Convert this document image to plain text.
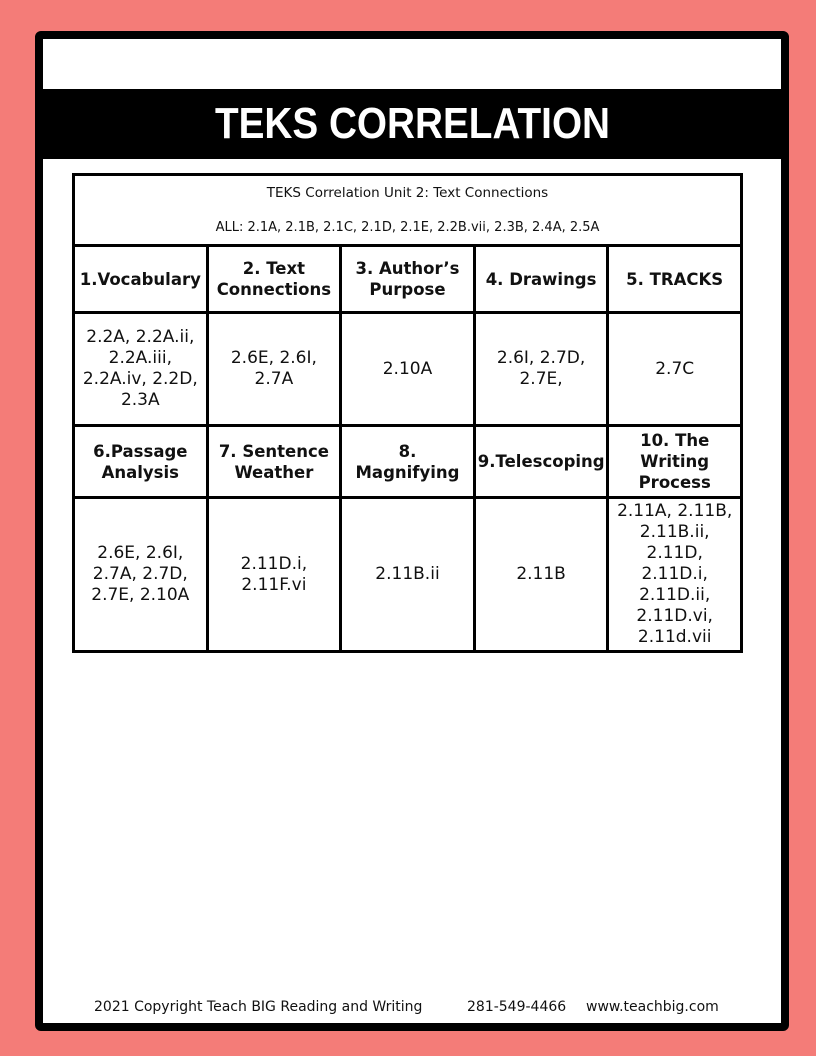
TEKS CORRELATION
TEKS Correlation Unit 2: Text Connections
ALL: 2.1A, 2.1B, 2.1C, 2.1D, 2.1E, 2.2B.vii, 2.3B, 2.4A, 2.5A				

1.Vocabulary	2. Text Connections	3. Author’s Purpose	4. Drawings	5. TRACKS
2.2A, 2.2A.ii, 2.2A.iii, 2.2A.iv, 2.2D, 2.3A	2.6E, 2.6I, 2.7A	2.10A	2.6I, 2.7D, 2.7E,	2.7C
6.Passage Analysis	7. Sentence Weather	8. Magnifying	9.Telescoping	10. The Writing Process
2.6E, 2.6I, 2.7A, 2.7D, 2.7E, 2.10A	2.11D.i, 2.11F.vi	2.11B.ii	2.11B	2.11A, 2.11B, 2.11B.ii, 2.11D, 2.11D.i, 2.11D.ii, 2.11D.vi, 2.11d.vii
2021 Copyright Teach BIG Reading and Writing	281-549-4466 www.teachbig.com
